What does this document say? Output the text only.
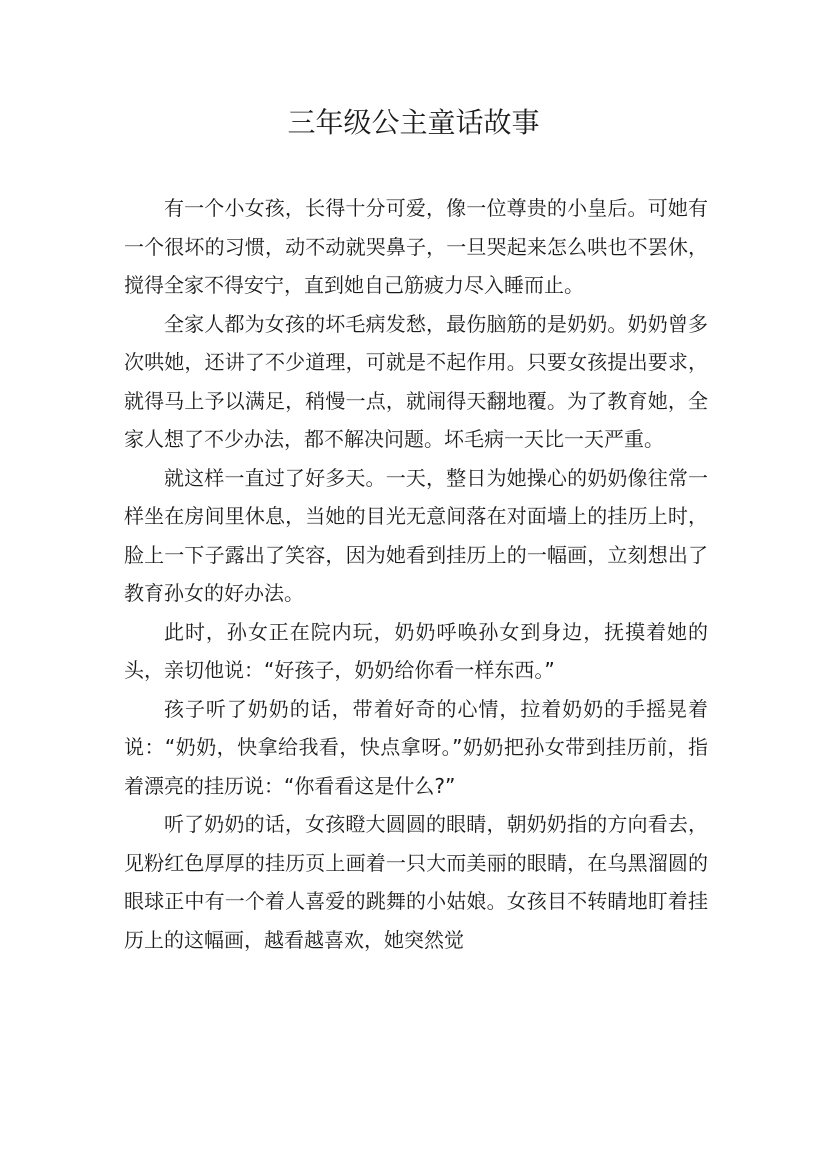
三年级公主童话故事

有一个小女孩，长得十分可爱，像一位尊贵的小皇后。可她有一个很坏的习惯，动不动就哭鼻子，一旦哭起来怎么哄也不罢休，搅得全家不得安宁，直到她自己筋疲力尽入睡而止。

全家人都为女孩的坏毛病发愁，最伤脑筋的是奶奶。奶奶曾多次哄她，还讲了不少道理，可就是不起作用。只要女孩提出要求，就得马上予以满足，稍慢一点，就闹得天翻地覆。为了教育她，全家人想了不少办法，都不解决问题。坏毛病一天比一天严重。

就这样一直过了好多天。一天，整日为她操心的奶奶像往常一样坐在房间里休息，当她的目光无意间落在对面墙上的挂历上时，脸上一下子露出了笑容，因为她看到挂历上的一幅画，立刻想出了教育孙女的好办法。

此时，孙女正在院内玩，奶奶呼唤孙女到身边，抚摸着她的头，亲切他说：“好孩子，奶奶给你看一样东西。”

孩子听了奶奶的话，带着好奇的心情，拉着奶奶的手摇晃着说：“奶奶，快拿给我看，快点拿呀。”奶奶把孙女带到挂历前，指着漂亮的挂历说：“你看看这是什么?”

听了奶奶的话，女孩瞪大圆圆的眼睛，朝奶奶指的方向看去，见粉红色厚厚的挂历页上画着一只大而美丽的眼睛，在乌黑溜圆的眼球正中有一个着人喜爱的跳舞的小姑娘。女孩目不转睛地盯着挂历上的这幅画，越看越喜欢，她突然觉
